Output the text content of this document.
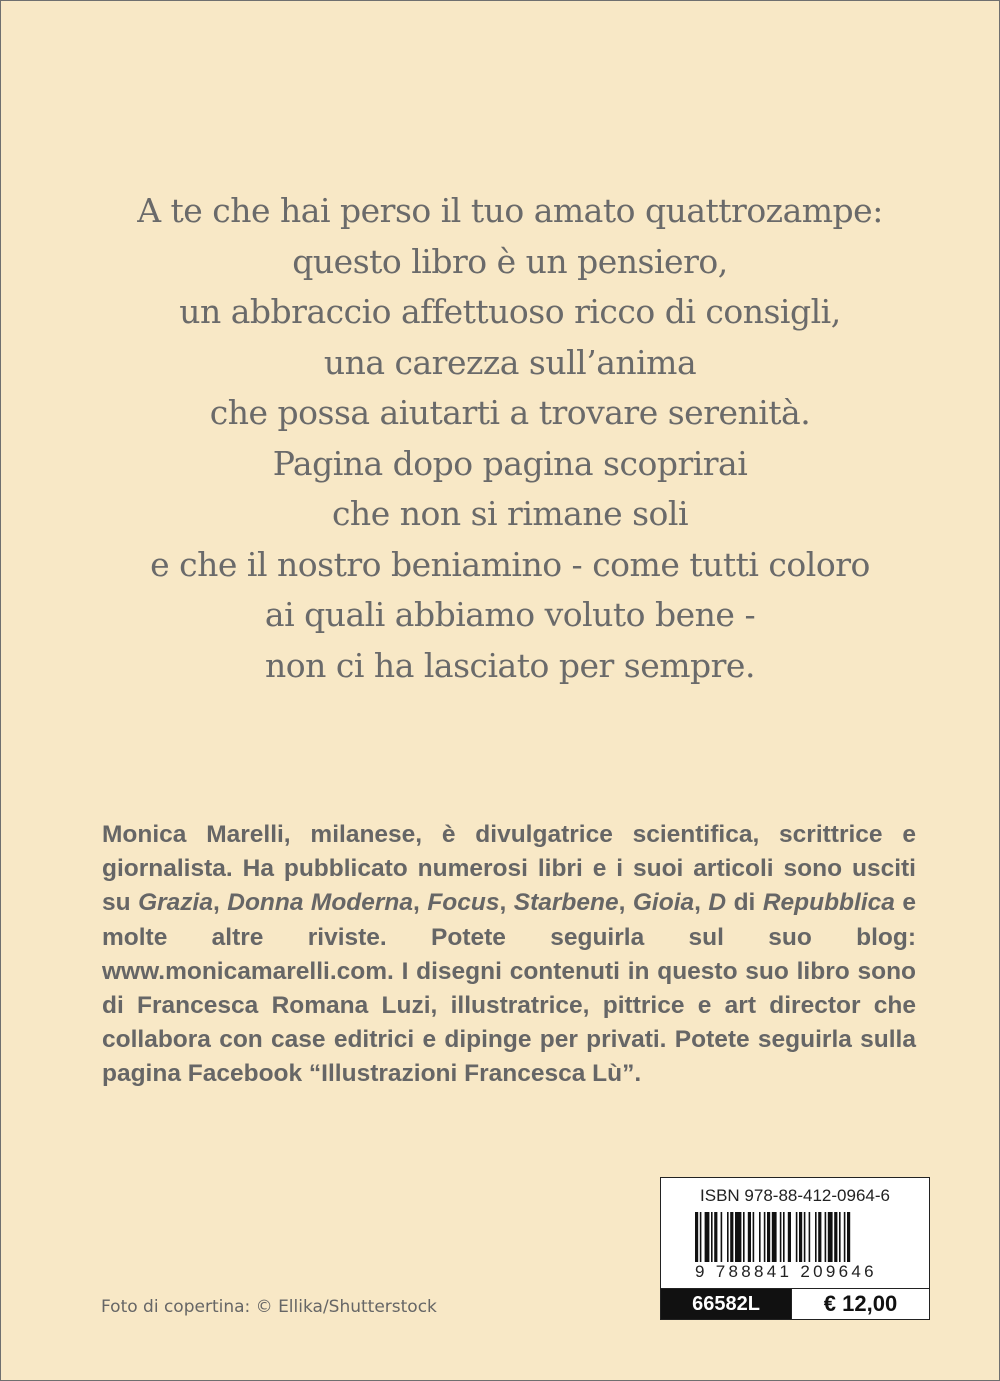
A te che hai perso il tuo amato quattrozampe:
questo libro è un pensiero,
un abbraccio affettuoso ricco di consigli,
una carezza sull’anima
che possa aiutarti a trovare serenità.
Pagina dopo pagina scoprirai
che non si rimane soli
e che il nostro beniamino - come tutti coloro
ai quali abbiamo voluto bene -
non ci ha lasciato per sempre.
Monica Marelli, milanese, è divulgatrice scientifica, scrittrice e giornalista. Ha pubblicato numerosi libri e i suoi articoli sono usciti su Grazia, Donna Moderna, Focus, Starbene, Gioia, D di Repubblica e molte altre riviste. Potete seguirla sul suo blog: www.monicamarelli.com. I disegni contenuti in questo suo libro sono di Francesca Romana Luzi, illustratrice, pittrice e art director che collabora con case editrici e dipinge per privati. Potete seguirla sulla pagina Facebook “Illustrazioni Francesca Lù”.
Foto di copertina: © Ellika/Shutterstock
ISBN 978-88-412-0964-6
9 788841 209646
66582L	€ 12,00
